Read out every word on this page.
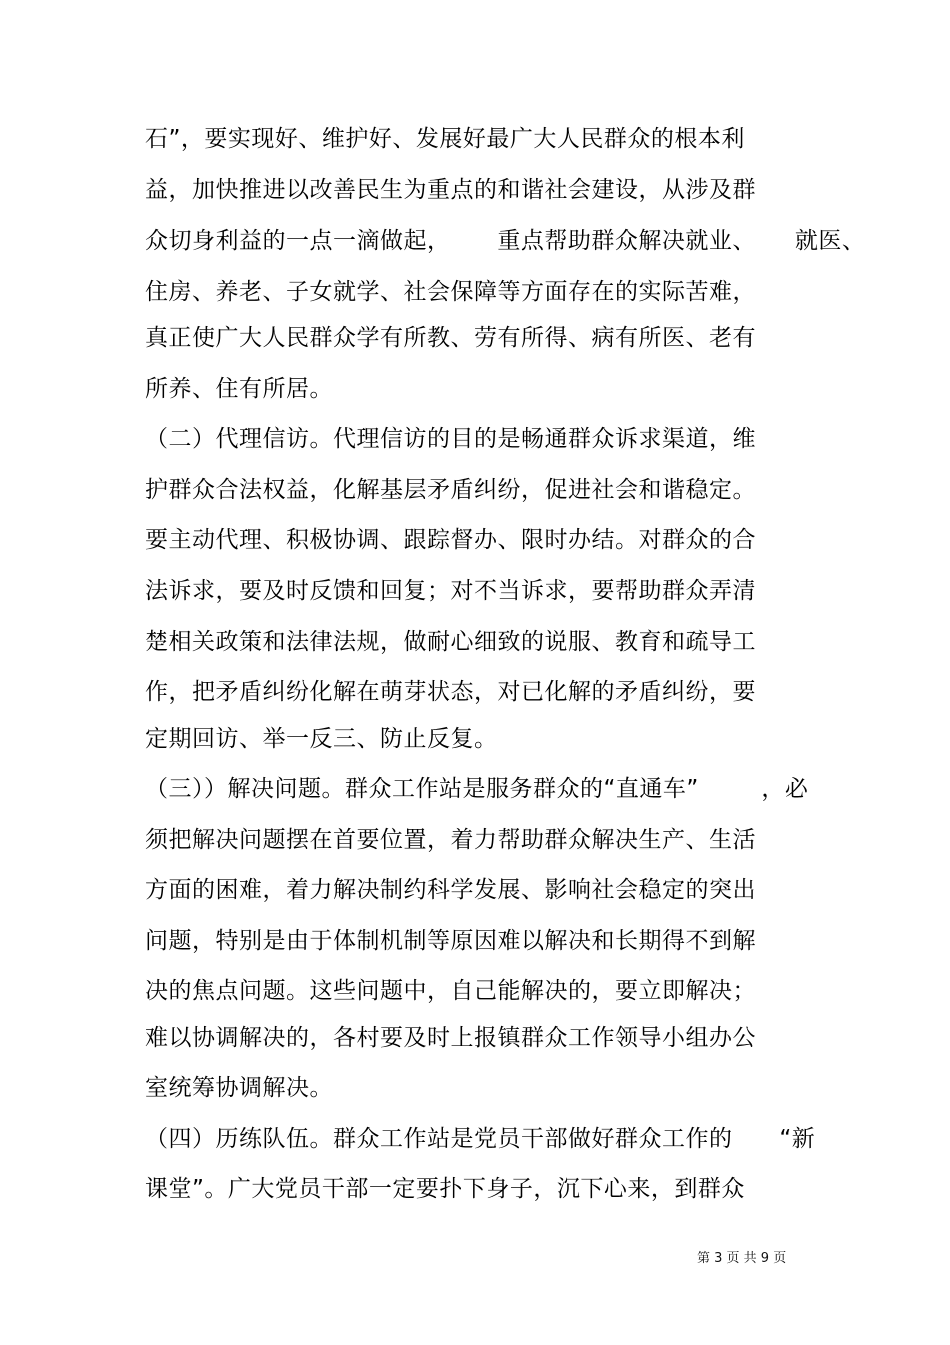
石”，要实现好、维护好、发展好最广大人民群众的根本利
益，加快推进以改善民生为重点的和谐社会建设，从涉及群
众切身利益的一点一滴做起，      重点帮助群众解决就业、     就医、
住房、养老、子女就学、社会保障等方面存在的实际苦难，
真正使广大人民群众学有所教、劳有所得、病有所医、老有
所养、住有所居。
（二）代理信访。代理信访的目的是畅通群众诉求渠道，维
护群众合法权益，化解基层矛盾纠纷，促进社会和谐稳定。
要主动代理、积极协调、跟踪督办、限时办结。对群众的合
法诉求，要及时反馈和回复；对不当诉求，要帮助群众弄清
楚相关政策和法律法规，做耐心细致的说服、教育和疏导工
作，把矛盾纠纷化解在萌芽状态，对已化解的矛盾纠纷，要
定期回访、举一反三、防止反复。
（三））解决问题。群众工作站是服务群众的“直通车”        ，必
须把解决问题摆在首要位置，着力帮助群众解决生产、生活
方面的困难，着力解决制约科学发展、影响社会稳定的突出
问题，特别是由于体制机制等原因难以解决和长期得不到解
决的焦点问题。这些问题中，自己能解决的，要立即解决；
难以协调解决的，各村要及时上报镇群众工作领导小组办公
室统筹协调解决。
（四）历练队伍。群众工作站是党员干部做好群众工作的      “新
课堂”。广大党员干部一定要扑下身子，沉下心来，到群众
第 3 页 共 9 页
